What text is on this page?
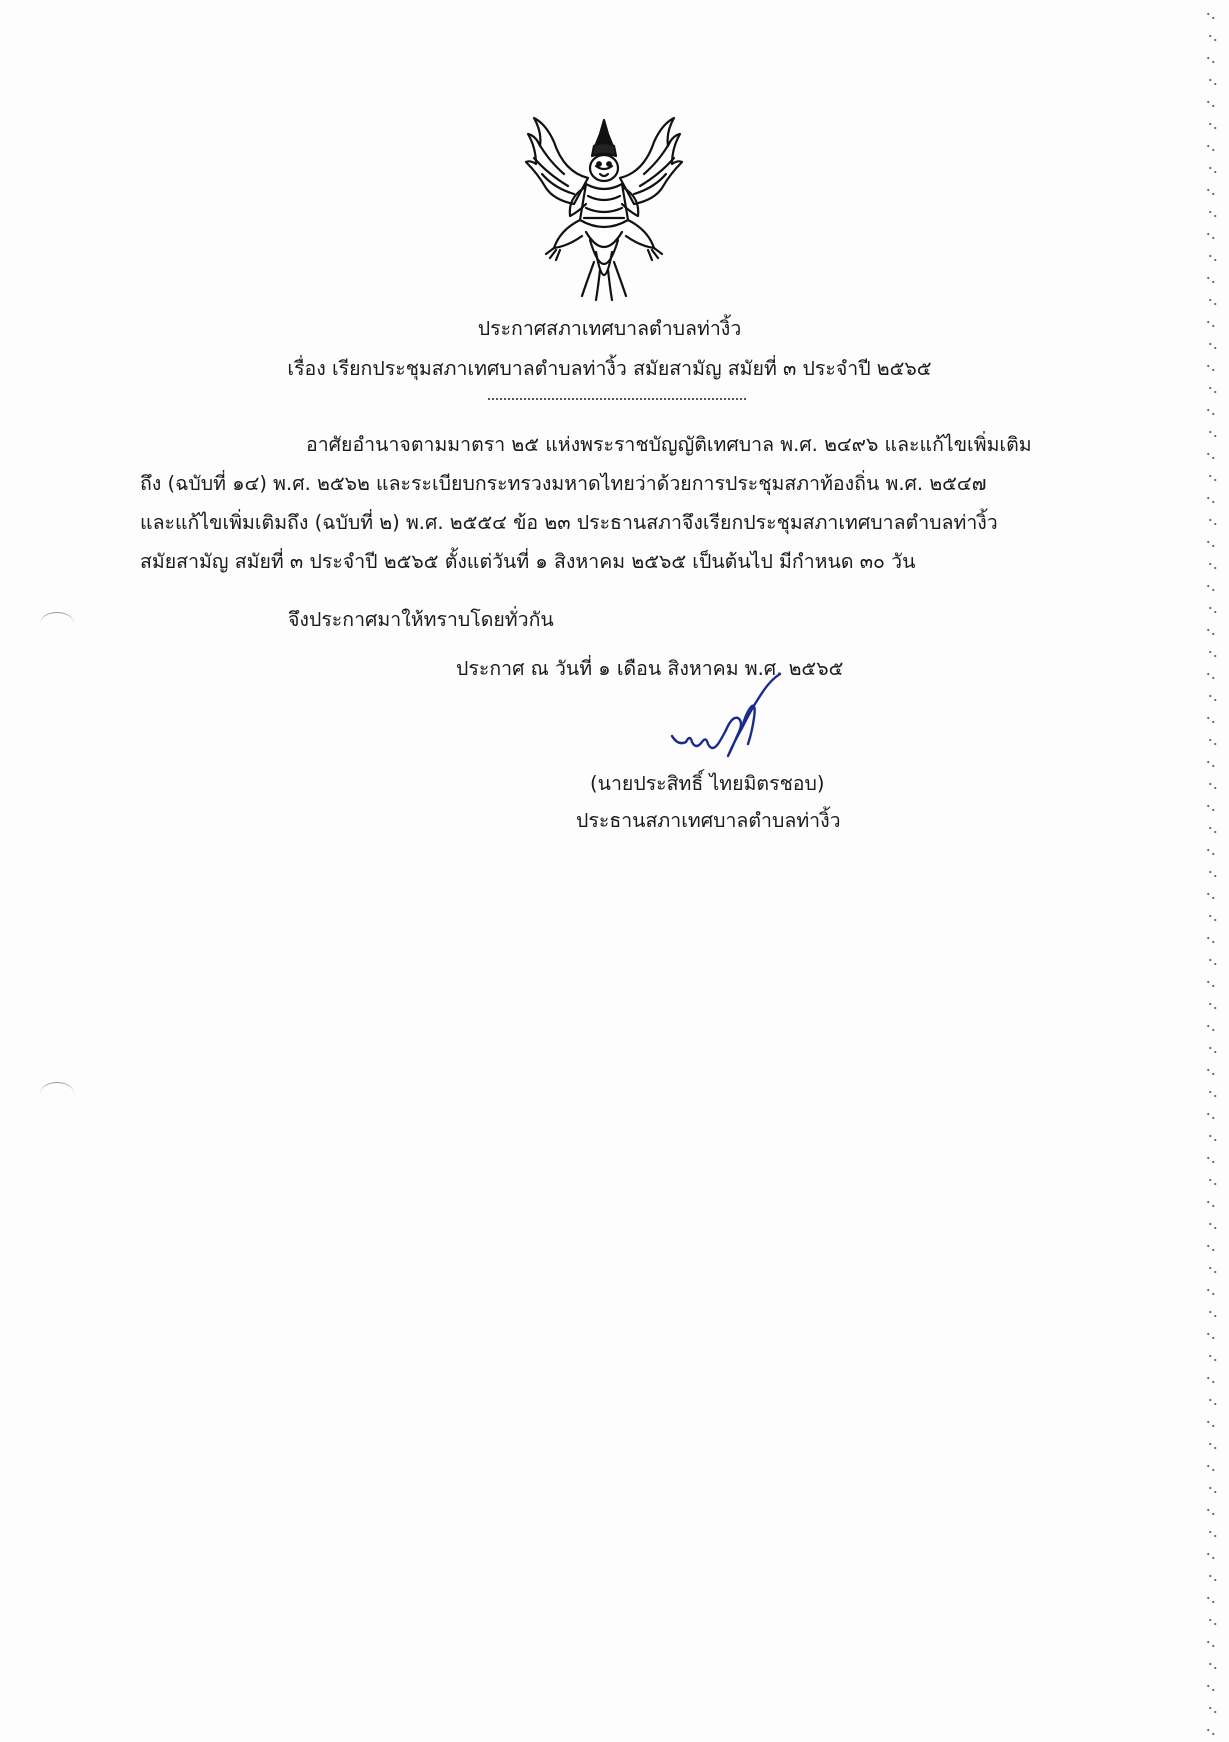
ประกาศสภาเทศบาลตำบลท่างิ้ว
เรื่อง เรียกประชุมสภาเทศบาลตำบลท่างิ้ว สมัยสามัญ สมัยที่ ๓ ประจำปี ๒๕๖๕
อาศัยอำนาจตามมาตรา ๒๕ แห่งพระราชบัญญัติเทศบาล พ.ศ. ๒๔๙๖ และแก้ไขเพิ่มเติม
ถึง (ฉบับที่ ๑๔) พ.ศ. ๒๕๖๒ และระเบียบกระทรวงมหาดไทยว่าด้วยการประชุมสภาท้องถิ่น พ.ศ. ๒๕๔๗
และแก้ไขเพิ่มเติมถึง (ฉบับที่ ๒) พ.ศ. ๒๕๕๔ ข้อ ๒๓ ประธานสภาจึงเรียกประชุมสภาเทศบาลตำบลท่างิ้ว
สมัยสามัญ สมัยที่ ๓ ประจำปี ๒๕๖๕ ตั้งแต่วันที่ ๑ สิงหาคม ๒๕๖๕ เป็นต้นไป มีกำหนด ๓๐ วัน
จึงประกาศมาให้ทราบโดยทั่วกัน
ประกาศ ณ วันที่ ๑ เดือน สิงหาคม พ.ศ. ๒๕๖๕
(นายประสิทธิ์ ไทยมิตรชอบ)
ประธานสภาเทศบาลตำบลท่างิ้ว
